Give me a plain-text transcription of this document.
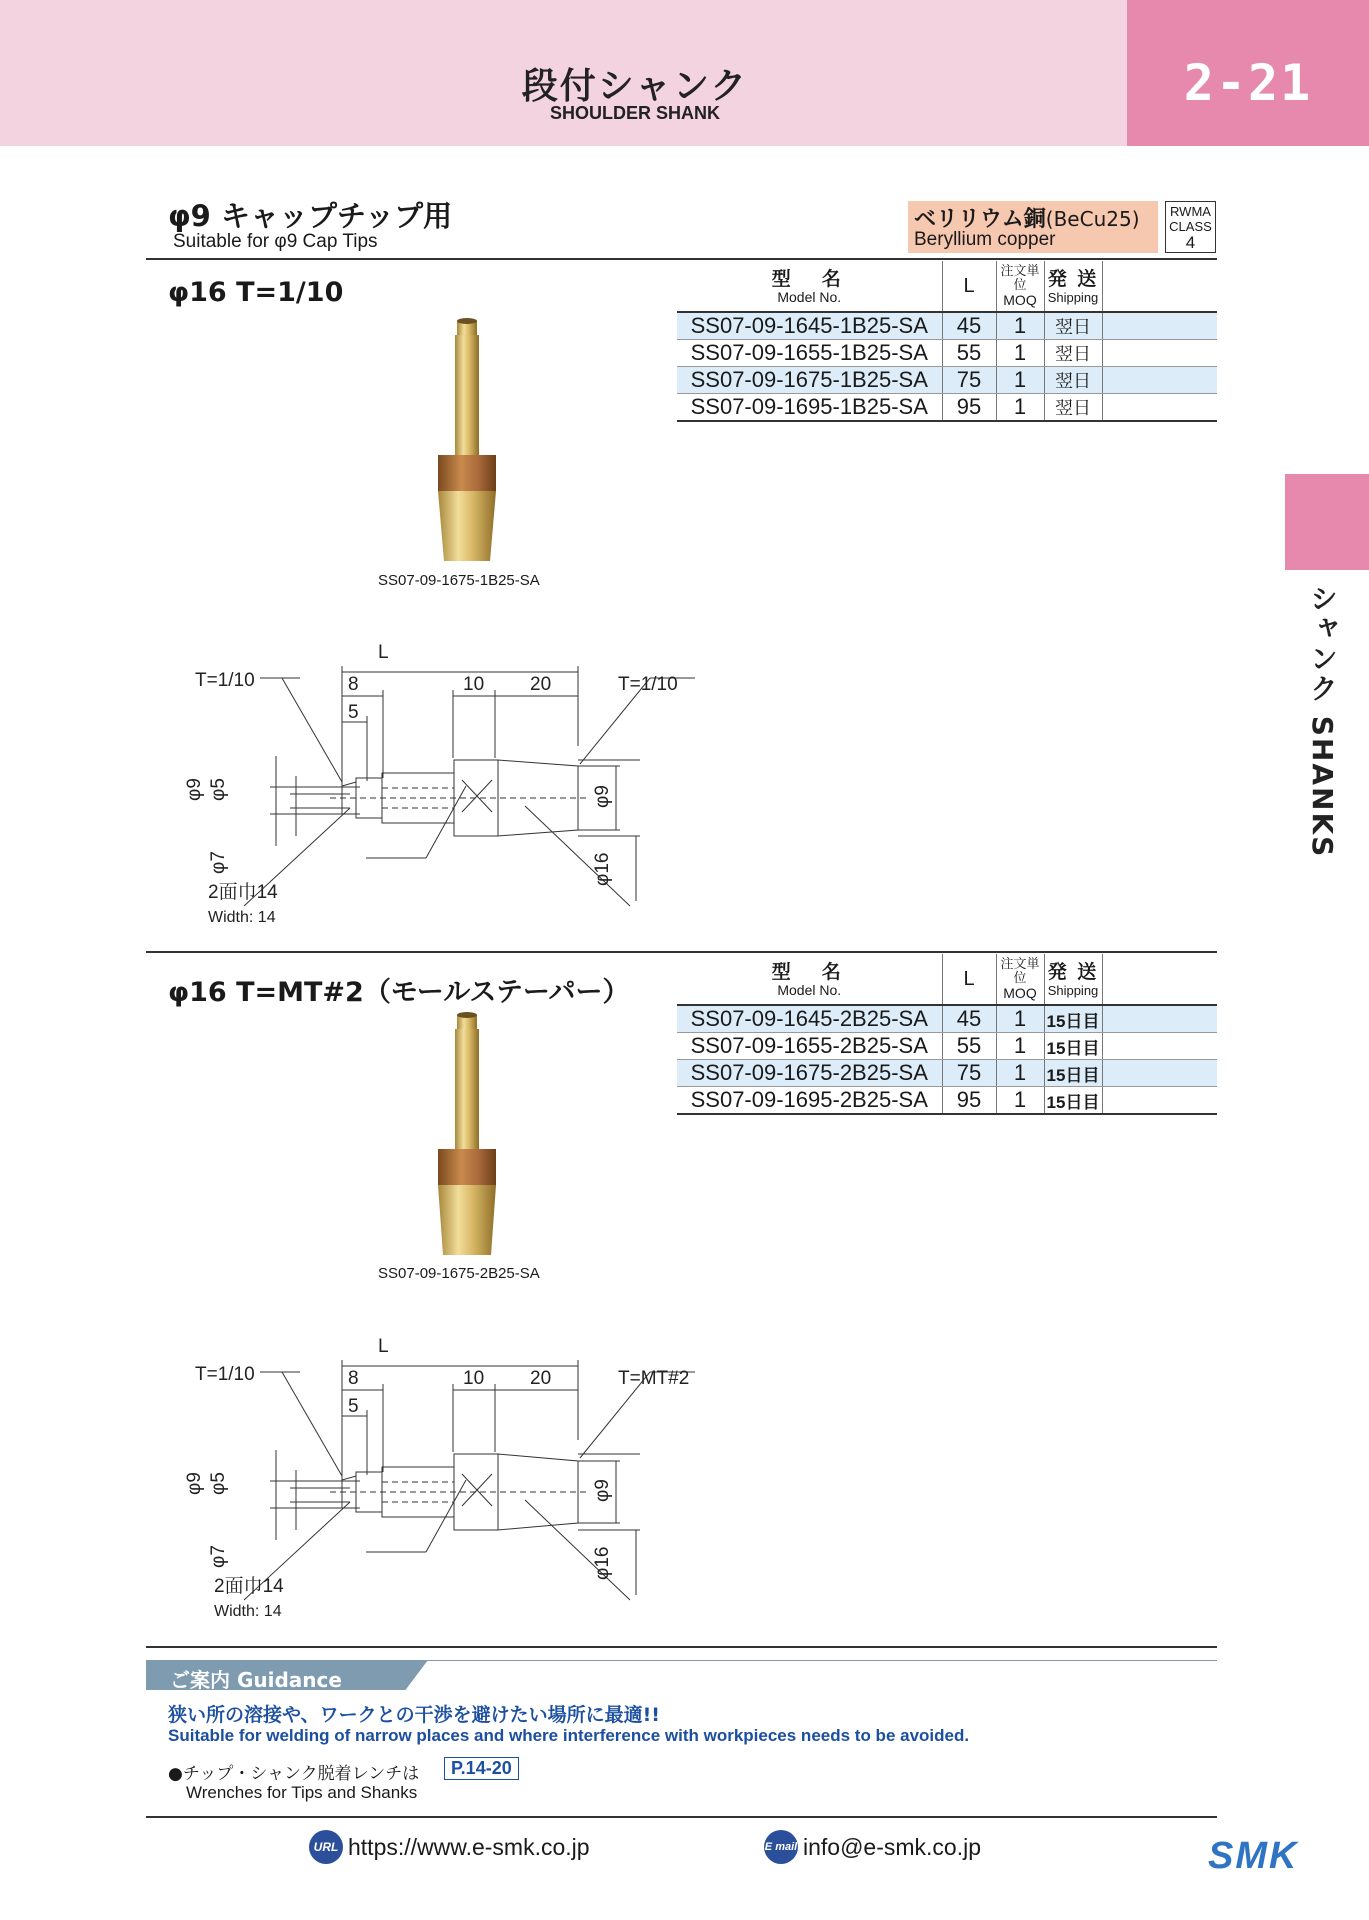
2-21
段付シャンク
SHOULDER SHANK
シャンク SHANKS
φ9 キャップチップ用
Suitable for φ9 Cap Tips
ベリリウム銅(BeCu25)
Beryllium copper
RWMA
CLASS
4
φ16 T=1/10	型　名
Model No.	L	注文単位
MOQ	発 送
Shipping	

SS07-09-1645-1B25-SA	45	1	翌日	
SS07-09-1655-1B25-SA	55	1	翌日	
SS07-09-1675-1B25-SA	75	1	翌日	
SS07-09-1695-1B25-SA	95	1	翌日	
SS07-09-1675-1B25-SA
L
T=1/10	8
5
10 20	T=1/10
φ9 φ5
φ7
φ9
φ16
2面巾14
Width: 14
φ16 T=MT#2（モールステーパー）
型　名
Model No.	L	注文単位
MOQ	発 送
Shipping	

SS07-09-1645-2B25-SA	45	1	15日目	
SS07-09-1655-2B25-SA	55	1	15日目	
SS07-09-1675-2B25-SA	75	1	15日目	
SS07-09-1695-2B25-SA	95	1	15日目	
SS07-09-1675-2B25-SA
L
T=1/10	8
5
10 20	T=MT#2
φ9 φ5
φ7
φ9
φ16
2面巾14
Width: 14
ご案内 Guidance
狭い所の溶接や、ワークとの干渉を避けたい場所に最適!!
Suitable for welding of narrow places and where interference with workpieces needs to be avoided.
●チップ・シャンク脱着レンチは	P.14-20
Wrenches for Tips and Shanks
URL https://www.e-smk.co.jp	E mail info@e-smk.co.jp	SMK
